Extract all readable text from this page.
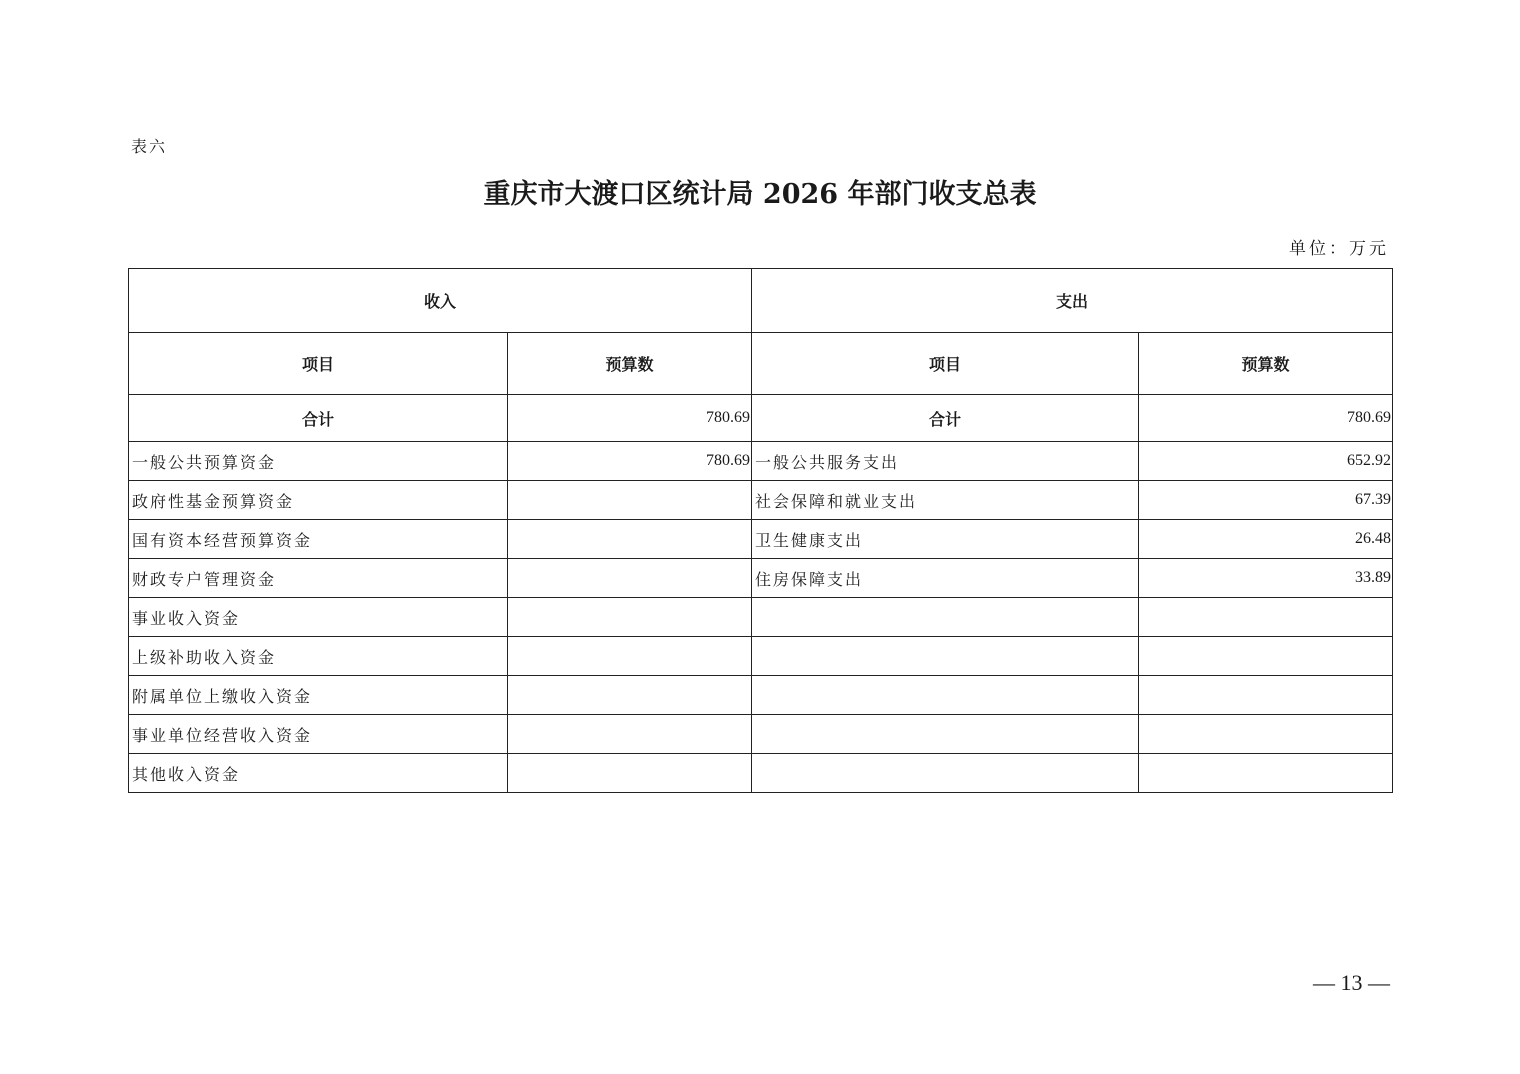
表六
重庆市大渡口区统计局 2026 年部门收支总表
单位：万元
收入		支出	
项目	预算数	项目	预算数
合计	780.69	合计	780.69
一般公共预算资金	780.69	一般公共服务支出	652.92
政府性基金预算资金		社会保障和就业支出	67.39
国有资本经营预算资金		卫生健康支出	26.48
财政专户管理资金		住房保障支出	33.89
事业收入资金			
上级补助收入资金			
附属单位上缴收入资金			
事业单位经营收入资金			
其他收入资金			
— 13 —
